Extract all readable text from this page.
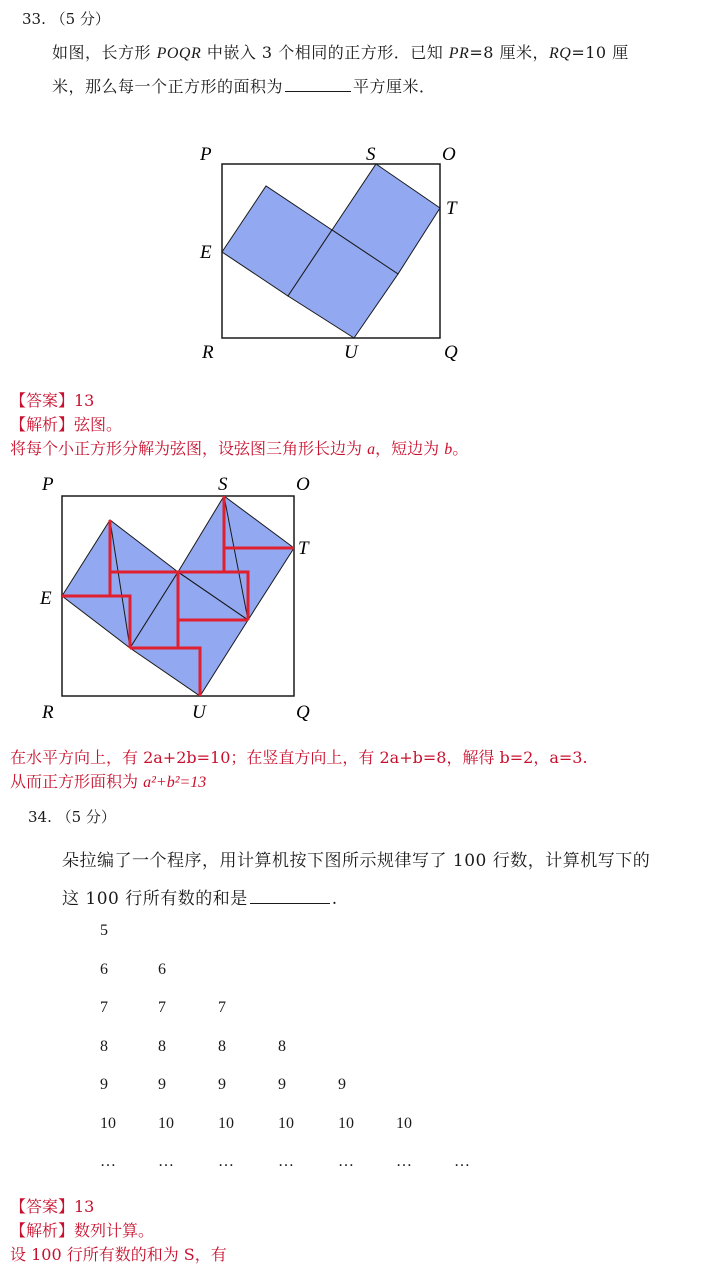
33. （5 分）
如图，长方形 POQR 中嵌入 3 个相同的正方形．已知 PR=8 厘米，RQ=10 厘
米，那么每一个正方形的面积为	平方厘米．
P	S	O
T
E
R	U	Q
【答案】13
【解析】弦图。
将每个小正方形分解为弦图，设弦图三角形长边为 a，短边为 b。
P	S	O
T
E
R	U	Q
在水平方向上，有 2a+2b=10；在竖直方向上，有 2a+b=8，解得 b=2，a=3.
从而正方形面积为 a²+b²=13
34. （5 分）
朵拉编了一个程序，用计算机按下图所示规律写了 100 行数，计算机写下的
这 100 行所有数的和是	.
5
6	6
7	7	7
8	8	8	8
9	9	9	9	9
10	10	10	10	10	10
…	…	…	…	…	…	…
【答案】13
【解析】数列计算。
设 100 行所有数的和为 S，有
